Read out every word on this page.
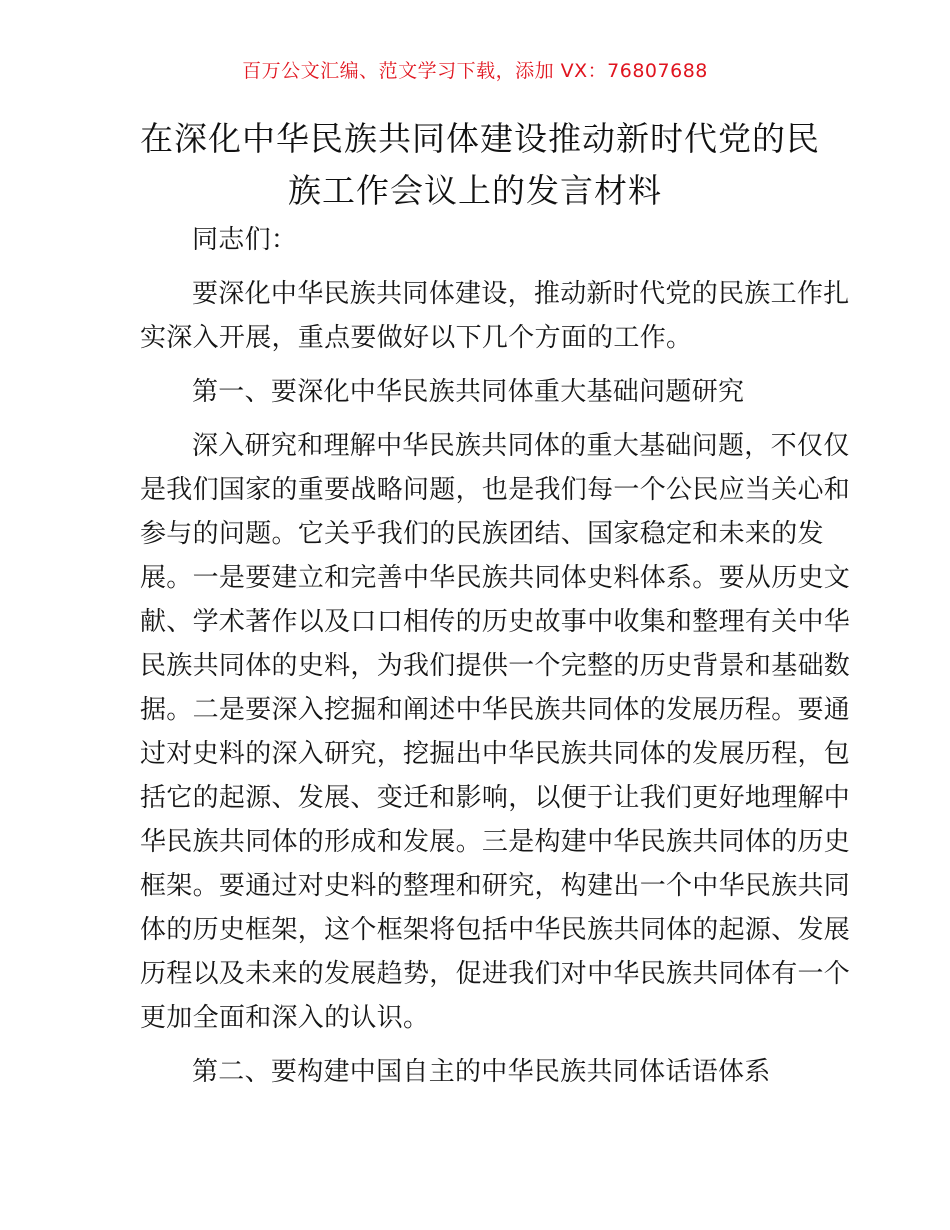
百万公文汇编、范文学习下载，添加 VX：76807688
在深化中华民族共同体建设推动新时代党的民
族工作会议上的发言材料
同志们：
要深化中华民族共同体建设，推动新时代党的民族工作扎
实深入开展，重点要做好以下几个方面的工作。
第一、要深化中华民族共同体重大基础问题研究
深入研究和理解中华民族共同体的重大基础问题，不仅仅
是我们国家的重要战略问题，也是我们每一个公民应当关心和
参与的问题。它关乎我们的民族团结、国家稳定和未来的发
展。一是要建立和完善中华民族共同体史料体系。要从历史文
献、学术著作以及口口相传的历史故事中收集和整理有关中华
民族共同体的史料，为我们提供一个完整的历史背景和基础数
据。二是要深入挖掘和阐述中华民族共同体的发展历程。要通
过对史料的深入研究，挖掘出中华民族共同体的发展历程，包
括它的起源、发展、变迁和影响，以便于让我们更好地理解中
华民族共同体的形成和发展。三是构建中华民族共同体的历史
框架。要通过对史料的整理和研究，构建出一个中华民族共同
体的历史框架，这个框架将包括中华民族共同体的起源、发展
历程以及未来的发展趋势，促进我们对中华民族共同体有一个
更加全面和深入的认识。
第二、要构建中国自主的中华民族共同体话语体系
